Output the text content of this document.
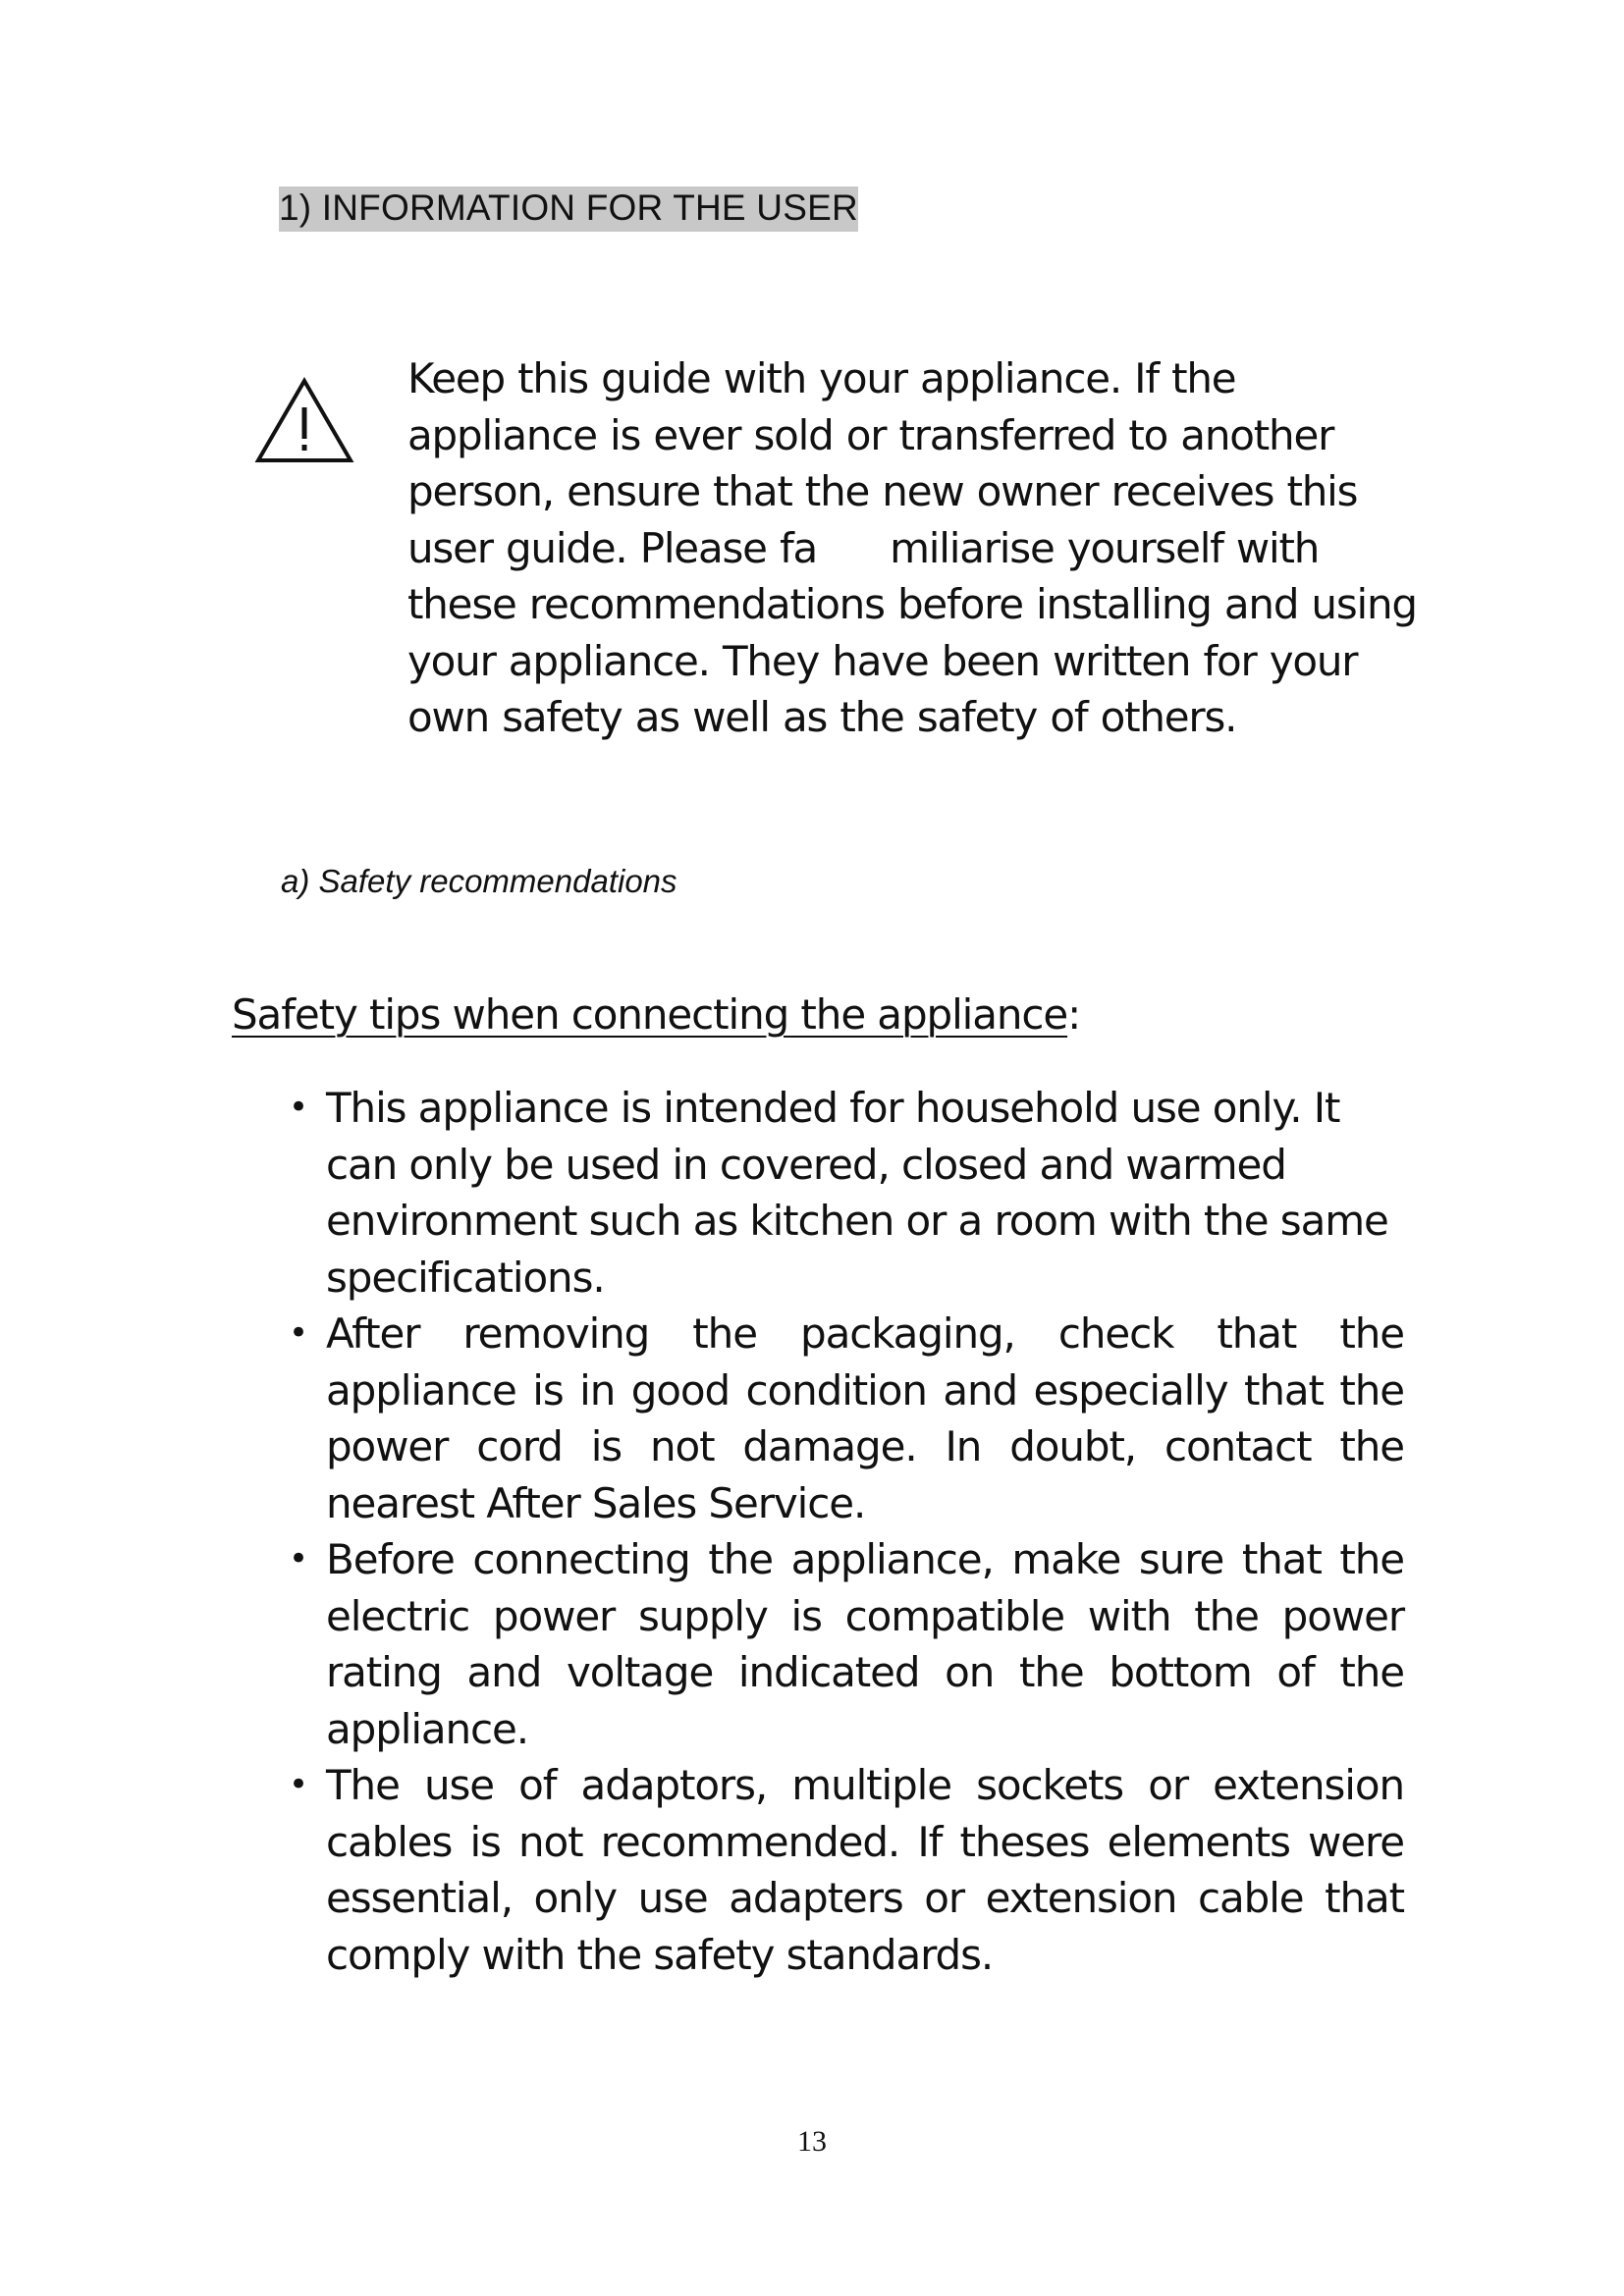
1) INFORMATION FOR THE USER

Keep this guide with your appliance. If the appliance is ever sold or transferred to another person, ensure that the new owner receives this user guide. Please fa miliarise yourself with these recommendations before installing and using your appliance. They have been written for your own safety as well as the safety of others.

a) Safety recommendations
Safety tips when connecting the appliance:
• This appliance is intended for household use only. It can only be used in covered, closed and warmed environment such as kitchen or a room with the same specifications.
• After removing the packaging, check that the appliance is in good condition and especially that the power cord is not damage. In doubt, contact the nearest After Sales Service.
• Before connecting the appliance, make sure that the electric power supply is compatible with the power rating and voltage indicated on the bottom of the appliance.
• The use of adaptors, multiple sockets or extension cables is not recommended. If theses elements were essential, only use adapters or extension cable that comply with the safety standards.
13
